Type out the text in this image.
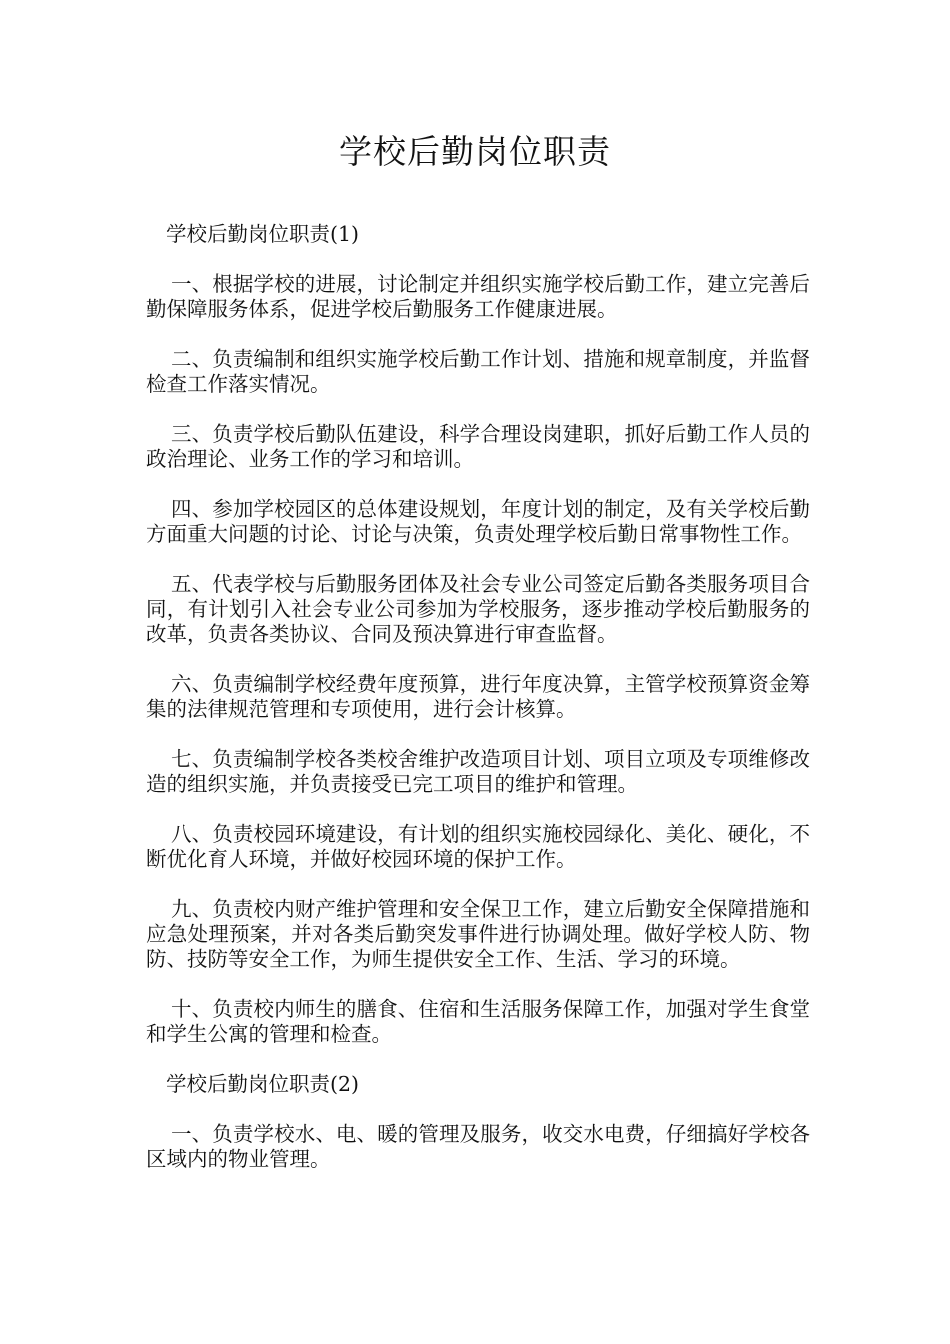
学校后勤岗位职责
学校后勤岗位职责(1)

一、根据学校的进展，讨论制定并组织实施学校后勤工作，建立完善后勤保障服务体系，促进学校后勤服务工作健康进展。

二、负责编制和组织实施学校后勤工作计划、措施和规章制度，并监督检查工作落实情况。

三、负责学校后勤队伍建设，科学合理设岗建职，抓好后勤工作人员的政治理论、业务工作的学习和培训。

四、参加学校园区的总体建设规划，年度计划的制定，及有关学校后勤方面重大问题的讨论、讨论与决策，负责处理学校后勤日常事物性工作。

五、代表学校与后勤服务团体及社会专业公司签定后勤各类服务项目合同，有计划引入社会专业公司参加为学校服务，逐步推动学校后勤服务的改革，负责各类协议、合同及预决算进行审查监督。

六、负责编制学校经费年度预算，进行年度决算，主管学校预算资金筹集的法律规范管理和专项使用，进行会计核算。

七、负责编制学校各类校舍维护改造项目计划、项目立项及专项维修改造的组织实施，并负责接受已完工项目的维护和管理。

八、负责校园环境建设，有计划的组织实施校园绿化、美化、硬化，不断优化育人环境，并做好校园环境的保护工作。

九、负责校内财产维护管理和安全保卫工作，建立后勤安全保障措施和应急处理预案，并对各类后勤突发事件进行协调处理。做好学校人防、物防、技防等安全工作，为师生提供安全工作、生活、学习的环境。

十、负责校内师生的膳食、住宿和生活服务保障工作，加强对学生食堂和学生公寓的管理和检查。

学校后勤岗位职责(2)

一、负责学校水、电、暖的管理及服务，收交水电费，仔细搞好学校各区域内的物业管理。
